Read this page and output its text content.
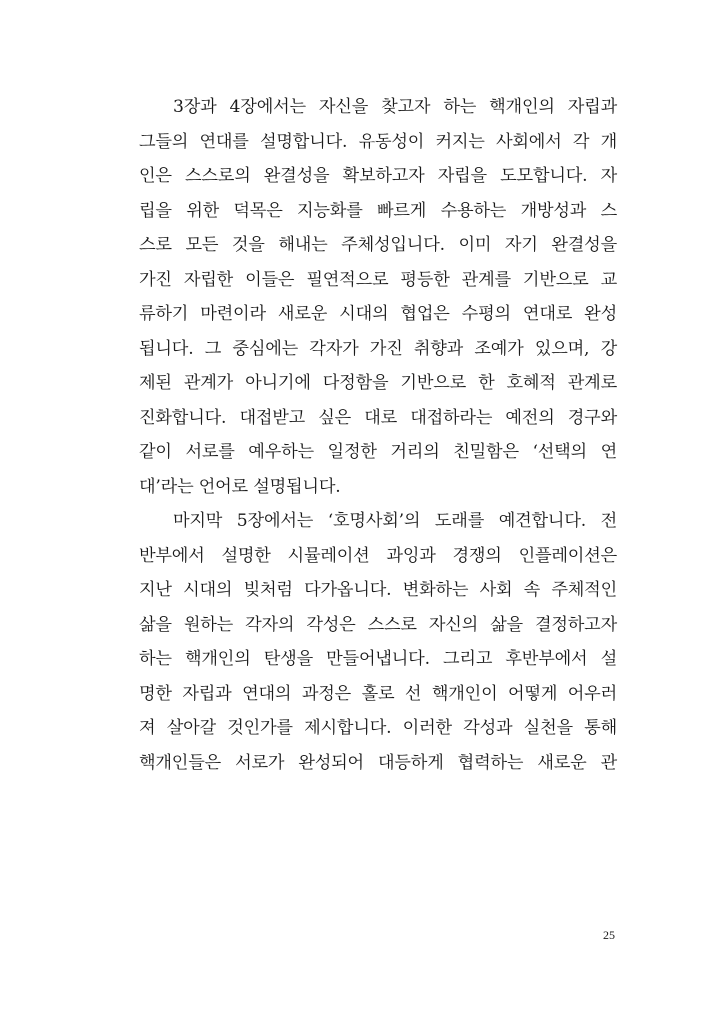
3장과 4장에서는 자신을 찾고자 하는 핵개인의 자립과
그들의 연대를 설명합니다. 유동성이 커지는 사회에서 각 개
인은 스스로의 완결성을 확보하고자 자립을 도모합니다. 자
립을 위한 덕목은 지능화를 빠르게 수용하는 개방성과 스
스로 모든 것을 해내는 주체성입니다. 이미 자기 완결성을
가진 자립한 이들은 필연적으로 평등한 관계를 기반으로 교
류하기 마련이라 새로운 시대의 협업은 수평의 연대로 완성
됩니다. 그 중심에는 각자가 가진 취향과 조예가 있으며, 강
제된 관계가 아니기에 다정함을 기반으로 한 호혜적 관계로
진화합니다. 대접받고 싶은 대로 대접하라는 예전의 경구와
같이 서로를 예우하는 일정한 거리의 친밀함은 ‘선택의 연
대’라는 언어로 설명됩니다.
마지막 5장에서는 ‘호명사회’의 도래를 예견합니다. 전
반부에서 설명한 시뮬레이션 과잉과 경쟁의 인플레이션은
지난 시대의 빚처럼 다가옵니다. 변화하는 사회 속 주체적인
삶을 원하는 각자의 각성은 스스로 자신의 삶을 결정하고자
하는 핵개인의 탄생을 만들어냅니다. 그리고 후반부에서 설
명한 자립과 연대의 과정은 홀로 선 핵개인이 어떻게 어우러
져 살아갈 것인가를 제시합니다. 이러한 각성과 실천을 통해
핵개인들은 서로가 완성되어 대등하게 협력하는 새로운 관
25
